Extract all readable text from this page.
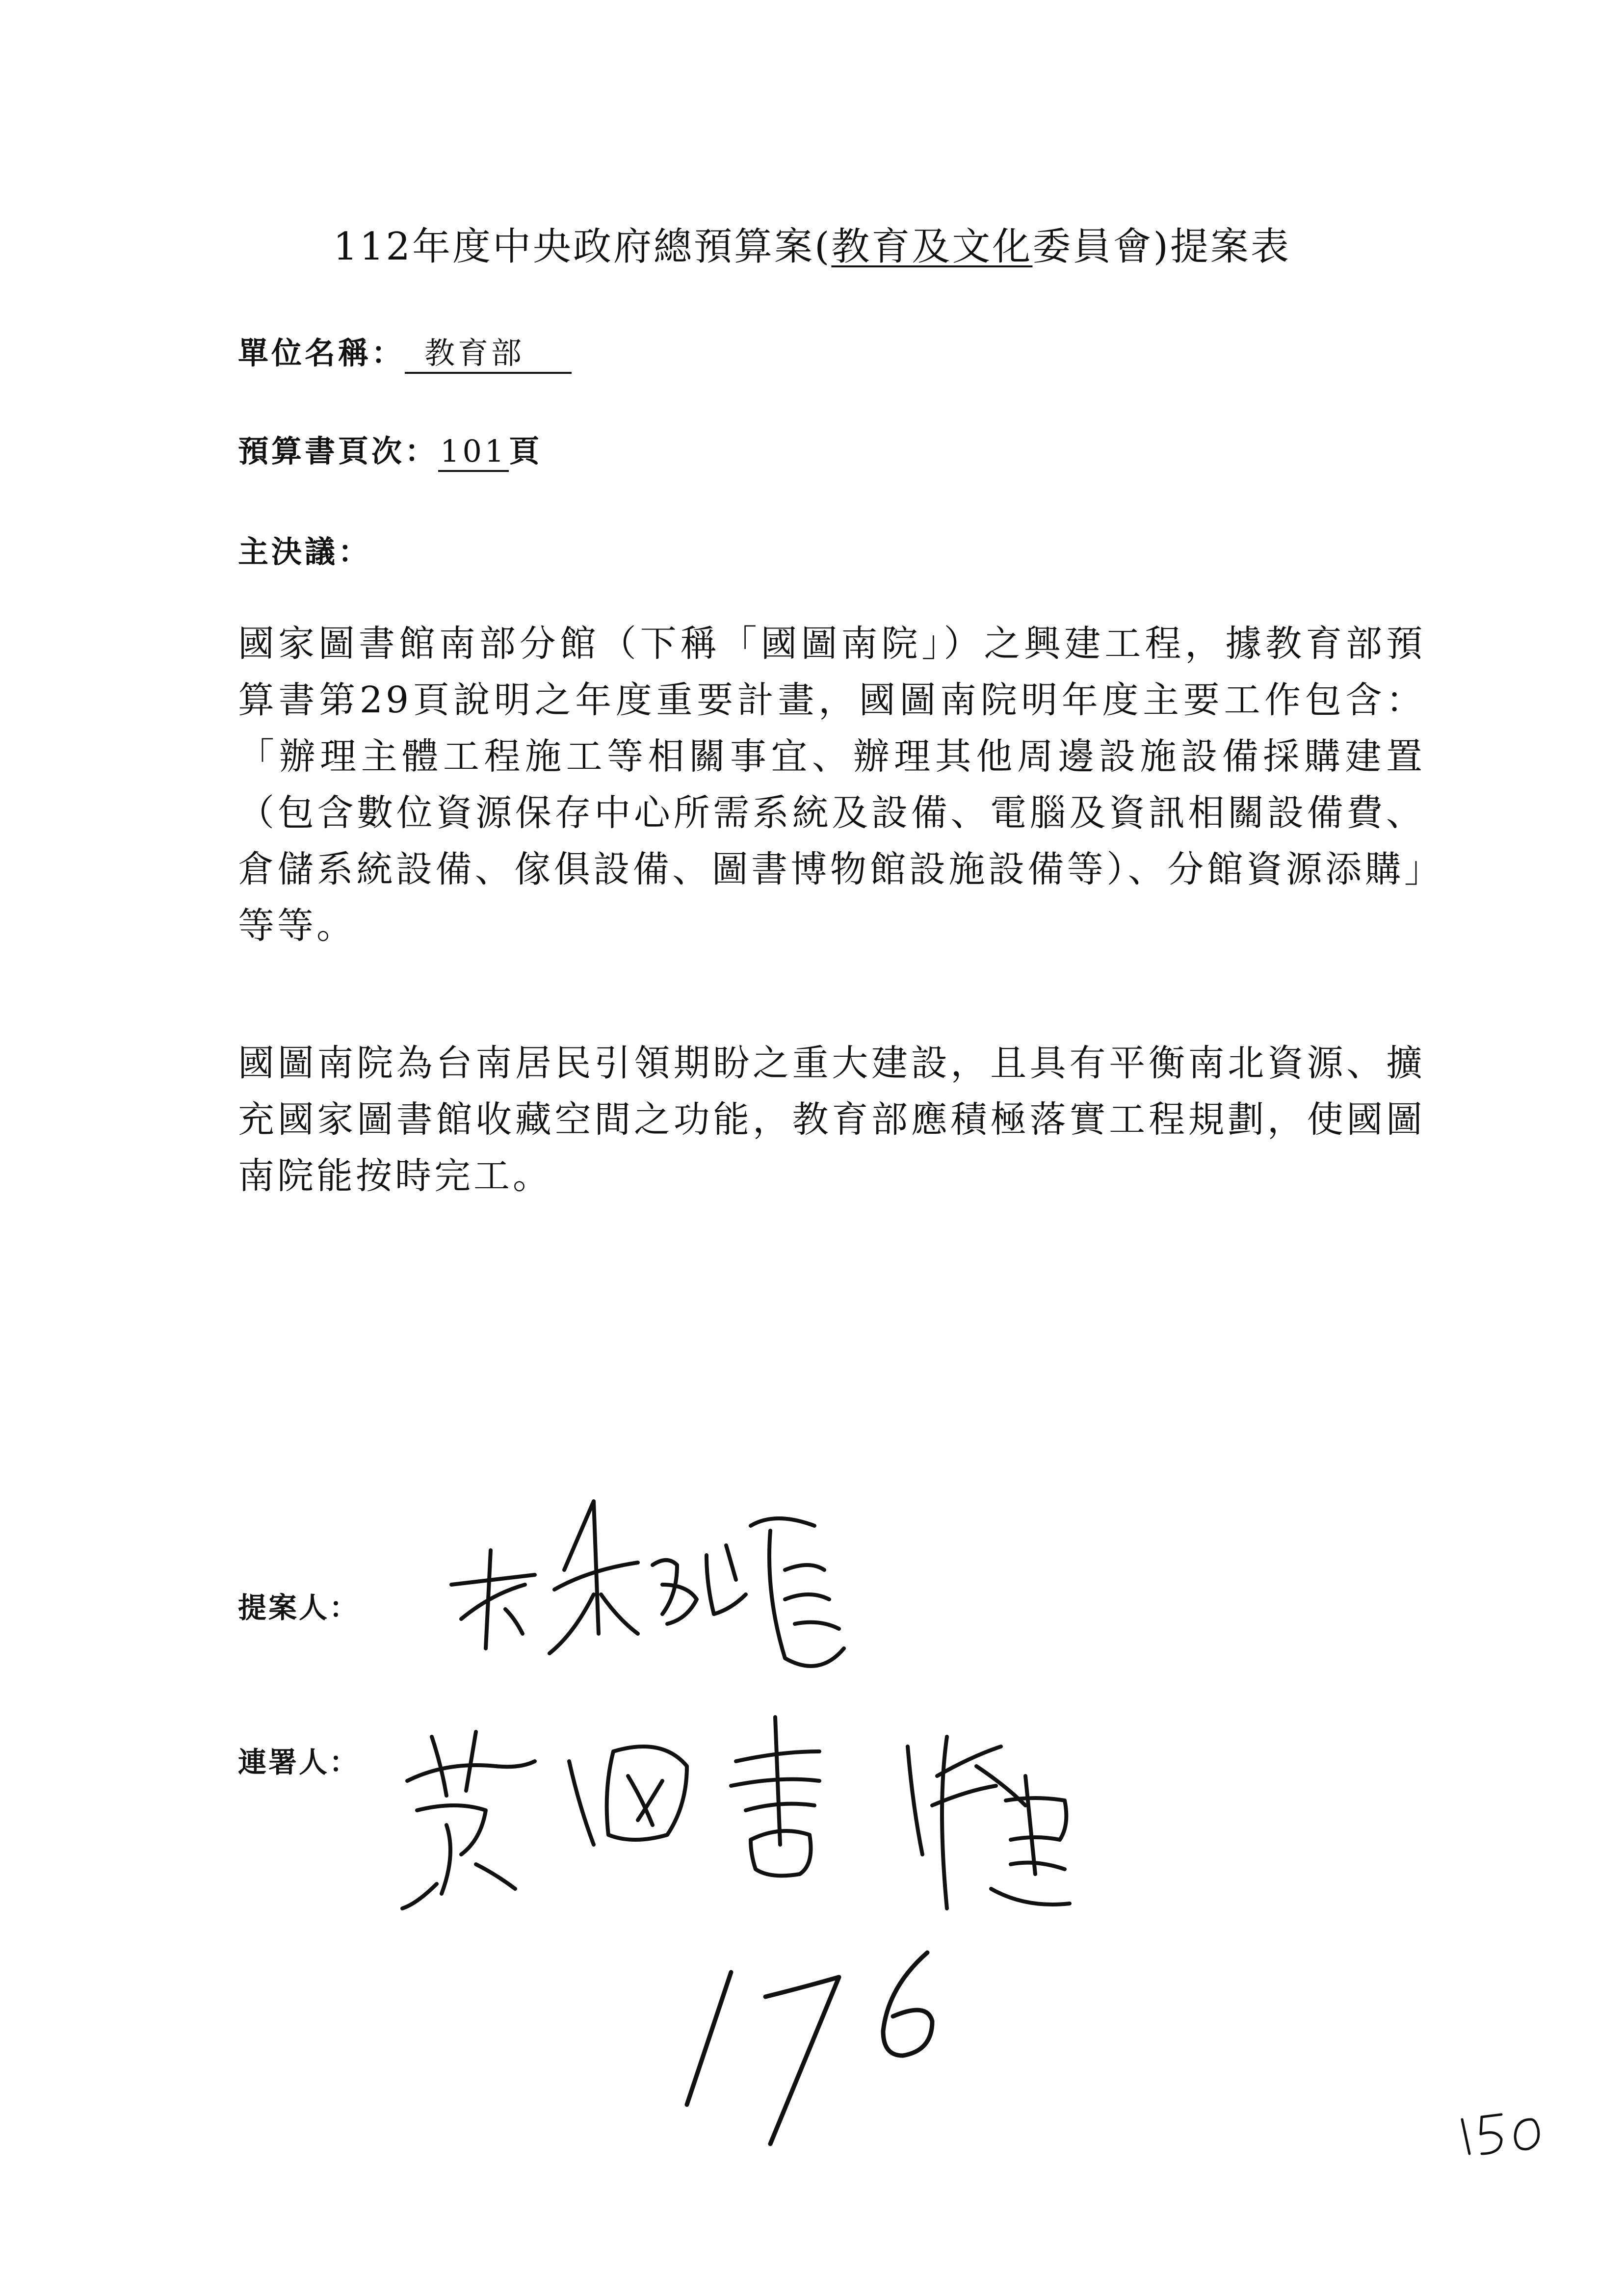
112年度中央政府總預算案(教育及文化委員會)提案表
單位名稱： 教育部
預算書頁次：101頁
主決議：

國家圖書館南部分館（下稱「國圖南院」）之興建工程，據教育部預算書第29頁說明之年度重要計畫，國圖南院明年度主要工作包含：「辦理主體工程施工等相關事宜、辦理其他周邊設施設備採購建置（包含數位資源保存中心所需系統及設備、電腦及資訊相關設備費、倉儲系統設備、傢俱設備、圖書博物館設施設備等）、分館資源添購」等等。

國圖南院為台南居民引領期盼之重大建設，且具有平衡南北資源、擴充國家圖書館收藏空間之功能，教育部應積極落實工程規劃，使國圖南院能按時完工。

提案人：
連署人：
